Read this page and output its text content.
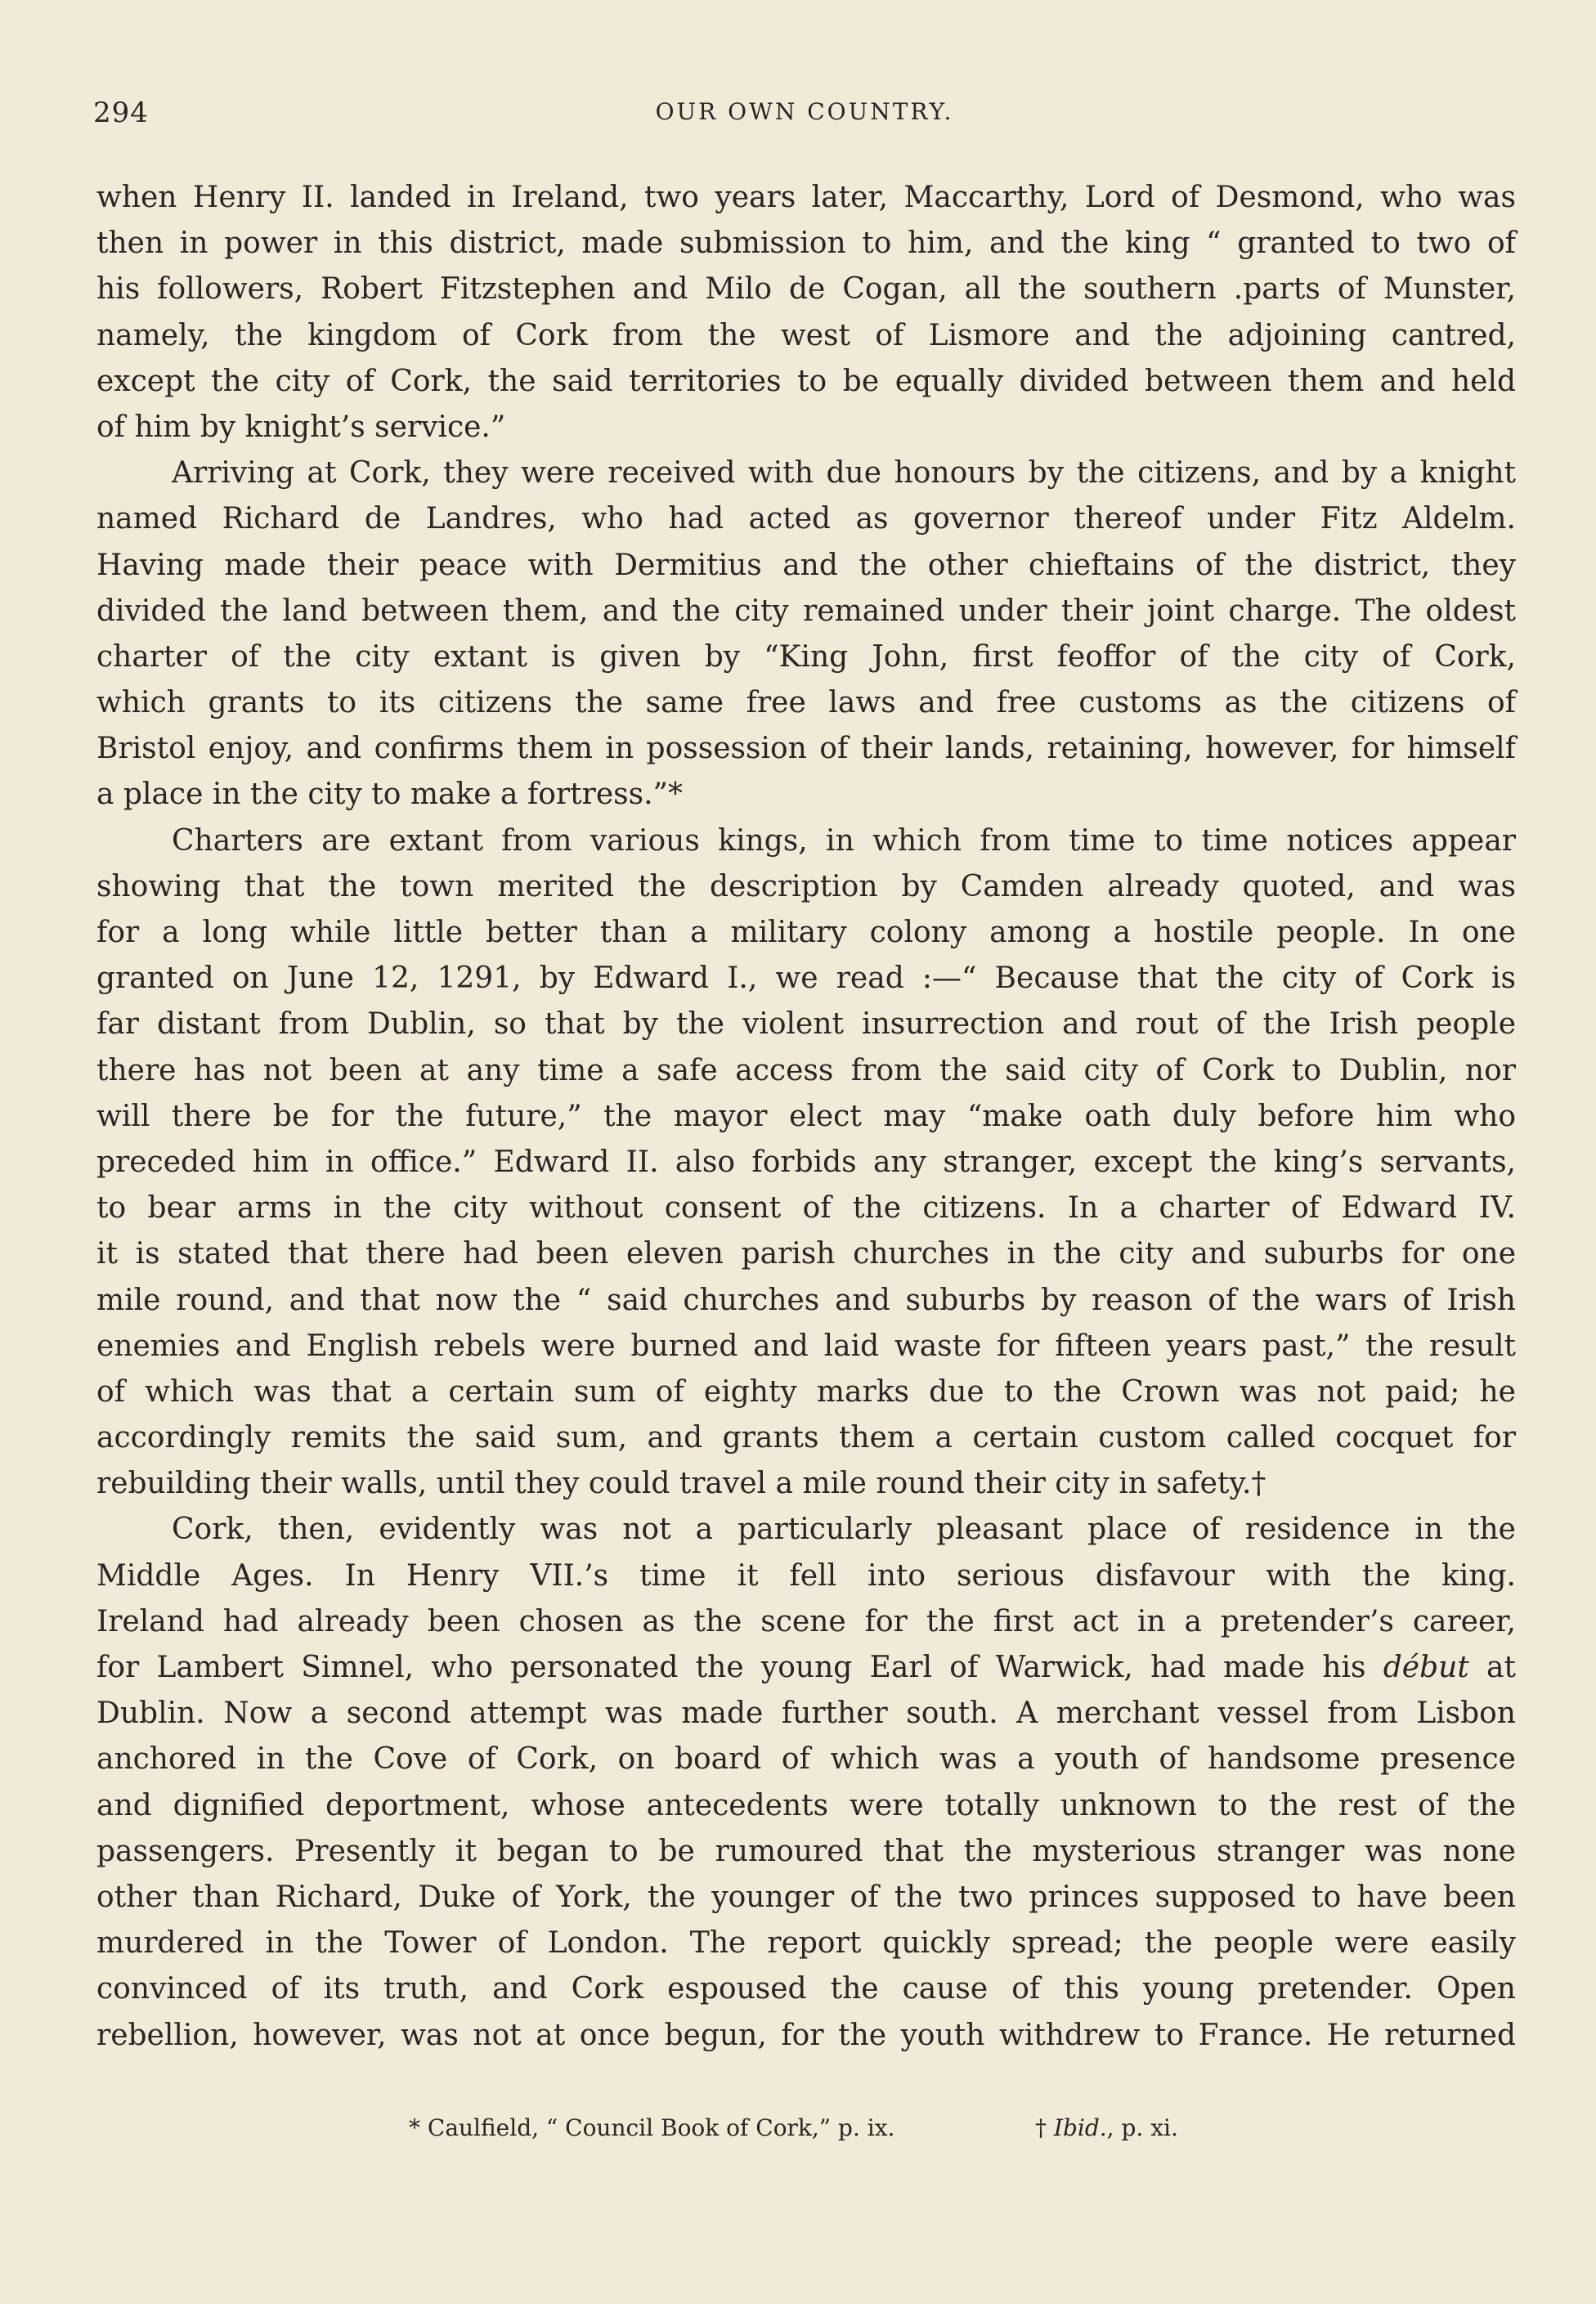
294	OUR OWN COUNTRY.
when Henry II. landed in Ireland, two years later, Maccarthy, Lord of Desmond, who was
then in power in this district, made submission to him, and the king “ granted to two of
his followers, Robert Fitzstephen and Milo de Cogan, all the southern .parts of Munster,
namely, the kingdom of Cork from the west of Lismore and the adjoining cantred,
except the city of Cork, the said territories to be equally divided between them and held
of him by knight’s service.”
Arriving at Cork, they were received with due honours by the citizens, and by a knight
named Richard de Landres, who had acted as governor thereof under Fitz Aldelm.
Having made their peace with Dermitius and the other chieftains of the district, they
divided the land between them, and the city remained under their joint charge. The oldest
charter of the city extant is given by “King John, first feoffor of the city of Cork,
which grants to its citizens the same free laws and free customs as the citizens of
Bristol enjoy, and confirms them in possession of their lands, retaining, however, for himself
a place in the city to make a fortress.”*
Charters are extant from various kings, in which from time to time notices appear
showing that the town merited the description by Camden already quoted, and was
for a long while little better than a military colony among a hostile people. In one
granted on June 12, 1291, by Edward I., we read :—“ Because that the city of Cork is
far distant from Dublin, so that by the violent insurrection and rout of the Irish people
there has not been at any time a safe access from the said city of Cork to Dublin, nor
will there be for the future,” the mayor elect may “make oath duly before him who
preceded him in office.” Edward II. also forbids any stranger, except the king’s servants,
to bear arms in the city without consent of the citizens. In a charter of Edward IV.
it is stated that there had been eleven parish churches in the city and suburbs for one
mile round, and that now the “ said churches and suburbs by reason of the wars of Irish
enemies and English rebels were burned and laid waste for fifteen years past,” the result
of which was that a certain sum of eighty marks due to the Crown was not paid; he
accordingly remits the said sum, and grants them a certain custom called cocquet for
rebuilding their walls, until they could travel a mile round their city in safety.†
Cork, then, evidently was not a particularly pleasant place of residence in the
Middle Ages. In Henry VII.’s time it fell into serious disfavour with the king.
Ireland had already been chosen as the scene for the first act in a pretender’s career,
for Lambert Simnel, who personated the young Earl of Warwick, had made his début at
Dublin. Now a second attempt was made further south. A merchant vessel from Lisbon
anchored in the Cove of Cork, on board of which was a youth of handsome presence
and dignified deportment, whose antecedents were totally unknown to the rest of the
passengers. Presently it began to be rumoured that the mysterious stranger was none
other than Richard, Duke of York, the younger of the two princes supposed to have been
murdered in the Tower of London. The report quickly spread; the people were easily
convinced of its truth, and Cork espoused the cause of this young pretender. Open
rebellion, however, was not at once begun, for the youth withdrew to France. He returned
* Caulfield, “ Council Book of Cork,” p. ix.	† Ibid., p. xi.
